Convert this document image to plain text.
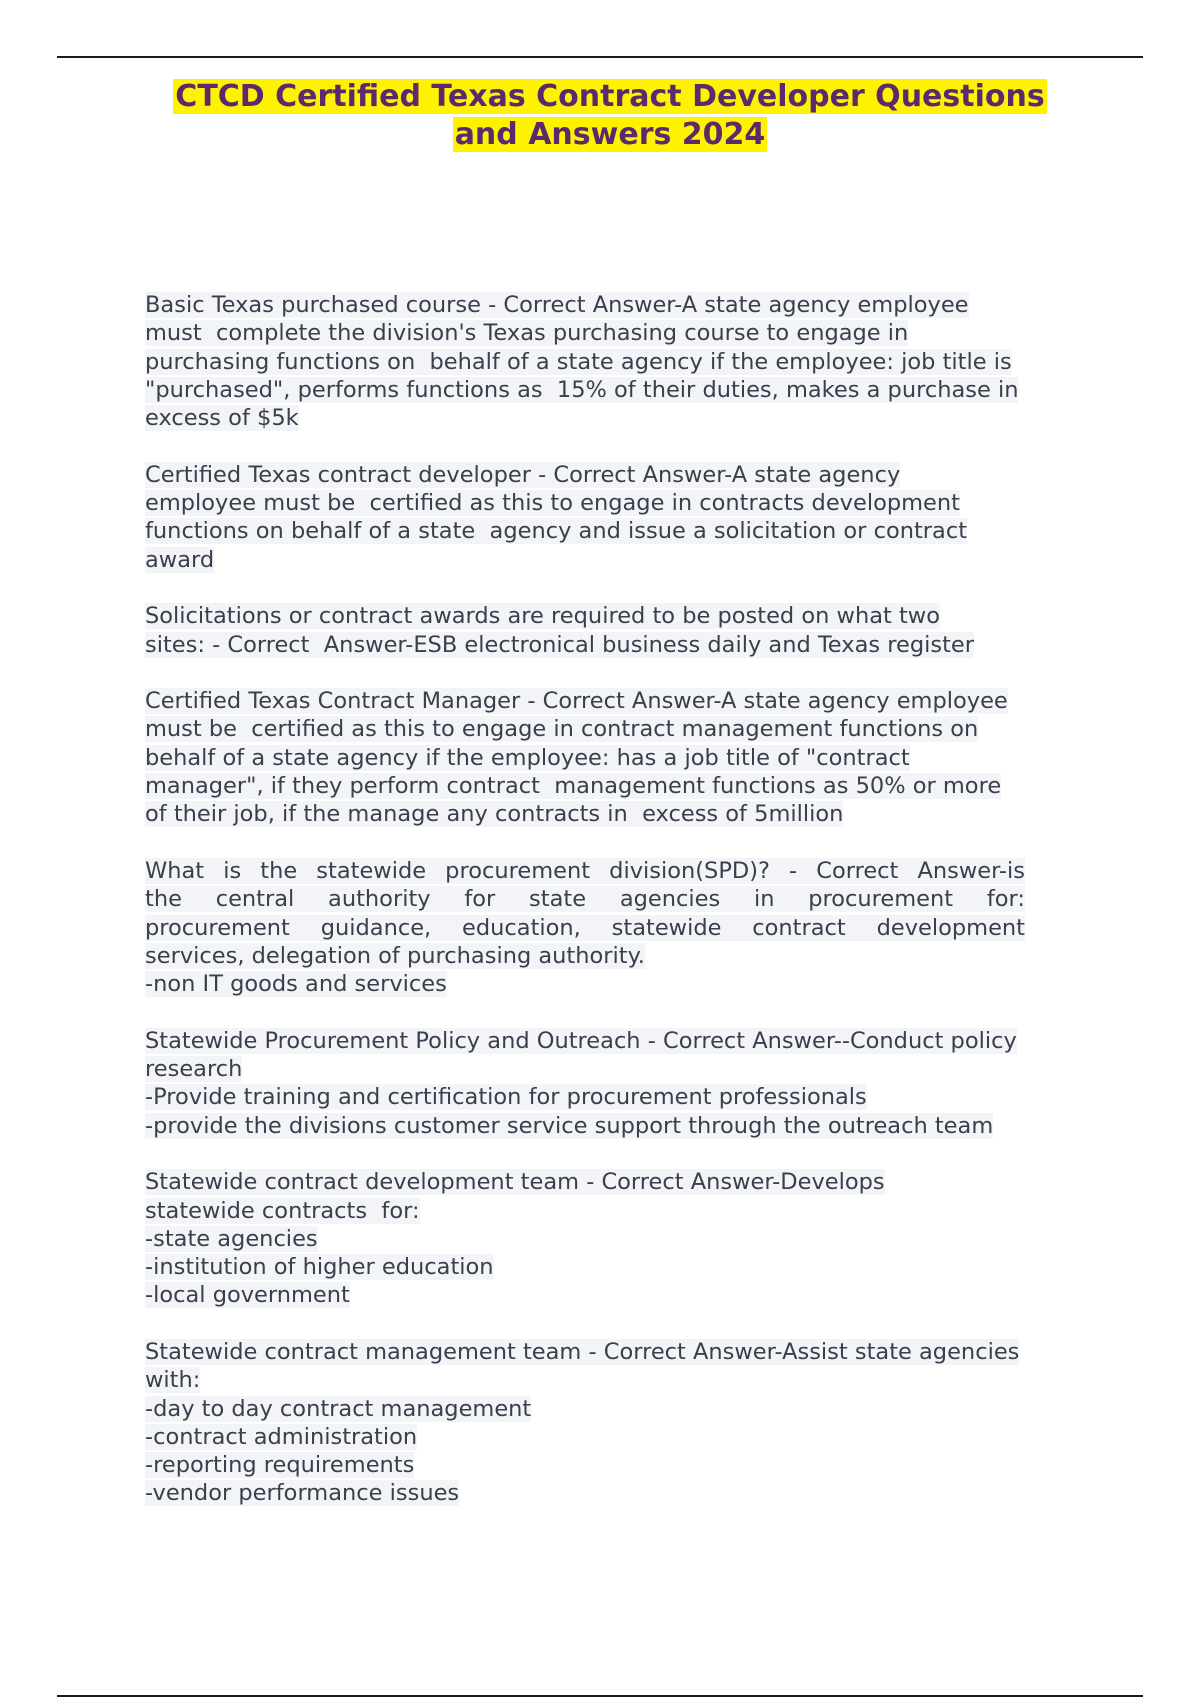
CTCD Certified Texas Contract Developer Questions
and Answers 2024
Basic Texas purchased course - Correct Answer-A state agency employee
must  complete the division's Texas purchasing course to engage in
purchasing functions on  behalf of a state agency if the employee: job title is
"purchased", performs functions as  15% of their duties, makes a purchase in
excess of $5k
Certified Texas contract developer - Correct Answer-A state agency
employee must be  certified as this to engage in contracts development
functions on behalf of a state  agency and issue a solicitation or contract
award
Solicitations or contract awards are required to be posted on what two
sites: - Correct  Answer-ESB electronical business daily and Texas register
Certified Texas Contract Manager - Correct Answer-A state agency employee
must be  certified as this to engage in contract management functions on
behalf of a state agency if the employee: has a job title of "contract
manager", if they perform contract  management functions as 50% or more
of their job, if the manage any contracts in  excess of 5million
What is the statewide procurement division(SPD)? - Correct Answer-is
the central authority for state agencies in procurement for:
procurement guidance, education, statewide contract development
services, delegation of purchasing authority.
-non IT goods and services
Statewide Procurement Policy and Outreach - Correct Answer--Conduct policy
research
-Provide training and certification for procurement professionals
-provide the divisions customer service support through the outreach team
Statewide contract development team - Correct Answer-Develops
statewide contracts  for:
-state agencies
-institution of higher education
-local government
Statewide contract management team - Correct Answer-Assist state agencies
with:
-day to day contract management
-contract administration
-reporting requirements
-vendor performance issues
